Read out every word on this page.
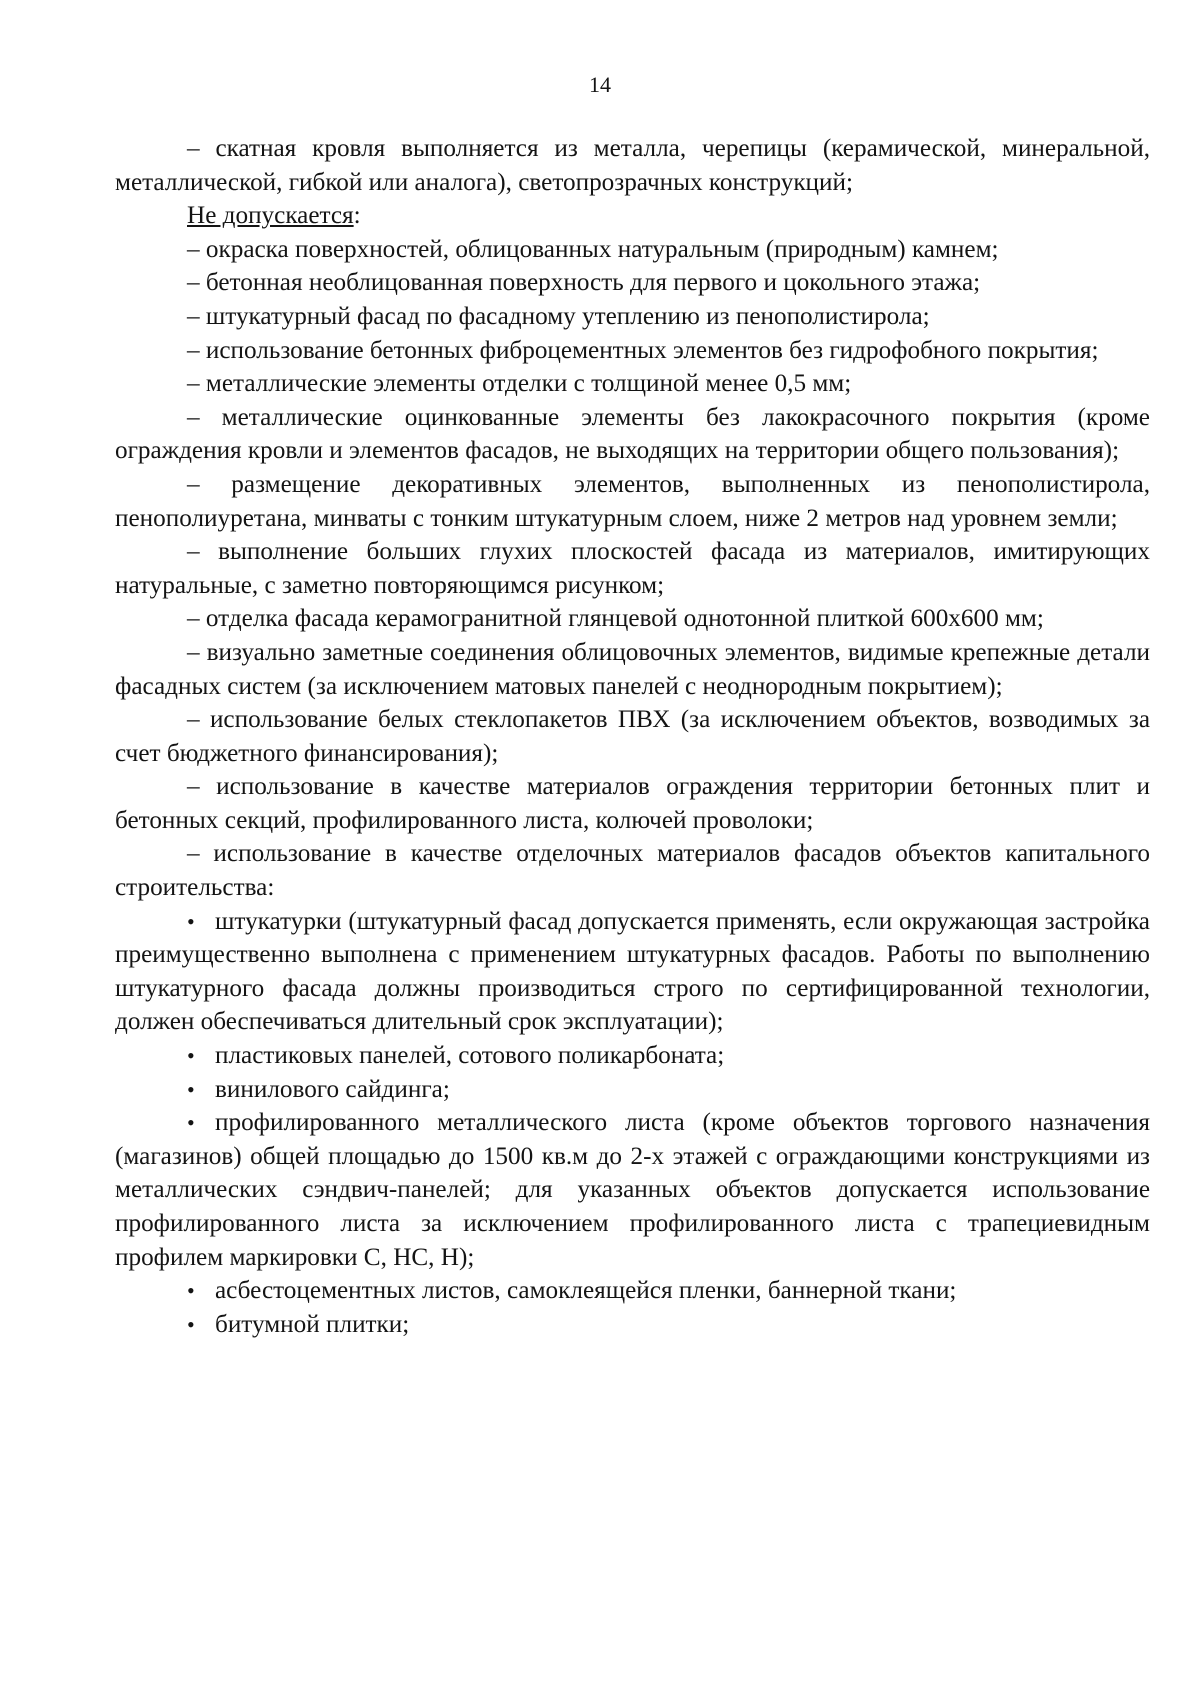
14

– скатная кровля выполняется из металла, черепицы (керамической, минеральной, металлической, гибкой или аналога), светопрозрачных конструкций;

Не допускается:

– окраска поверхностей, облицованных натуральным (природным) камнем;

– бетонная необлицованная поверхность для первого и цокольного этажа;

– штукатурный фасад по фасадному утеплению из пенополистирола;

– использование бетонных фиброцементных элементов без гидрофобного покрытия;

– металлические элементы отделки с толщиной менее 0,5 мм;

– металлические оцинкованные элементы без лакокрасочного покрытия (кроме ограждения кровли и элементов фасадов, не выходящих на территории общего пользования);

– размещение декоративных элементов, выполненных из пенополистирола, пенополиуретана, минваты с тонким штукатурным слоем, ниже 2 метров над уровнем земли;

– выполнение больших глухих плоскостей фасада из материалов, имитирующих натуральные, с заметно повторяющимся рисунком;

– отделка фасада керамогранитной глянцевой однотонной плиткой 600x600 мм;

– визуально заметные соединения облицовочных элементов, видимые крепежные детали фасадных систем (за исключением матовых панелей с неоднородным покрытием);

– использование белых стеклопакетов ПВХ (за исключением объектов, возводимых за счет бюджетного финансирования);

– использование в качестве материалов ограждения территории бетонных плит и бетонных секций, профилированного листа, колючей проволоки;

– использование в качестве отделочных материалов фасадов объектов капитального строительства:

•штукатурки (штукатурный фасад допускается применять, если окружающая застройка преимущественно выполнена с применением штукатурных фасадов. Работы по выполнению штукатурного фасада должны производиться строго по сертифицированной технологии, должен обеспечиваться длительный срок эксплуатации);

•пластиковых панелей, сотового поликарбоната;

•винилового сайдинга;

•профилированного металлического листа (кроме объектов торгового назначения (магазинов) общей площадью до 1500 кв.м до 2-х этажей с ограждающими конструкциями из металлических сэндвич-панелей; для указанных объектов допускается использование профилированного листа за исключением профилированного листа с трапециевидным профилем маркировки С, НС, Н);

•асбестоцементных листов, самоклеящейся пленки, баннерной ткани;

•битумной плитки;
